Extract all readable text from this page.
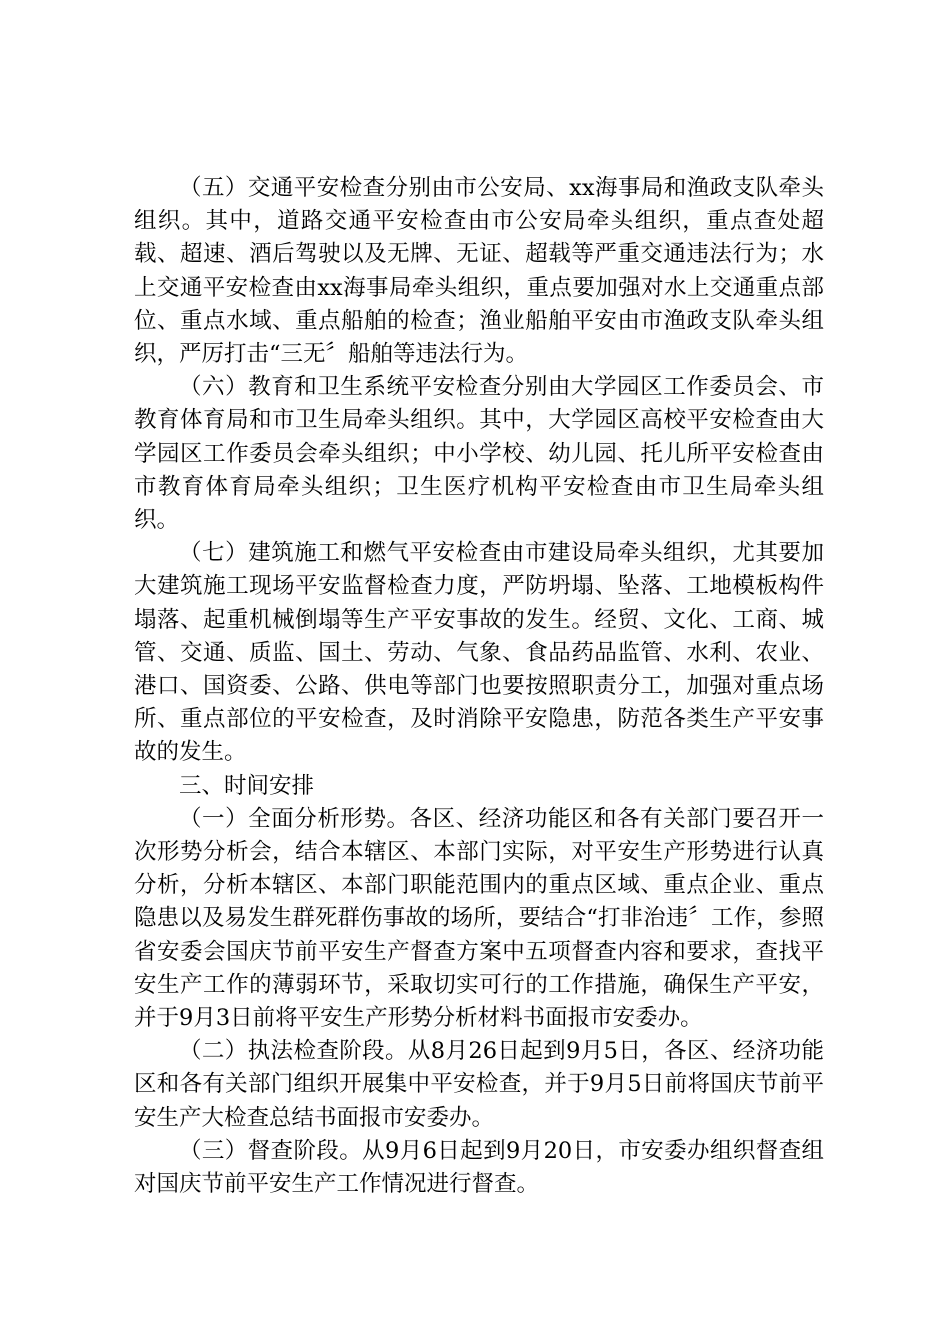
（五）交通平安检查分别由市公安局、xx海事局和渔政支队牵头组织。其中，道路交通平安检查由市公安局牵头组织，重点查处超载、超速、酒后驾驶以及无牌、无证、超载等严重交通违法行为；水上交通平安检查由xx海事局牵头组织，重点要加强对水上交通重点部位、重点水域、重点船舶的检查；渔业船舶平安由市渔政支队牵头组织，严厉打击“三无〞船舶等违法行为。

（六）教育和卫生系统平安检查分别由大学园区工作委员会、市教育体育局和市卫生局牵头组织。其中，大学园区高校平安检查由大学园区工作委员会牵头组织；中小学校、幼儿园、托儿所平安检查由市教育体育局牵头组织；卫生医疗机构平安检查由市卫生局牵头组织。

（七）建筑施工和燃气平安检查由市建设局牵头组织，尤其要加大建筑施工现场平安监督检查力度，严防坍塌、坠落、工地模板构件塌落、起重机械倒塌等生产平安事故的发生。经贸、文化、工商、城管、交通、质监、国土、劳动、气象、食品药品监管、水利、农业、港口、国资委、公路、供电等部门也要按照职责分工，加强对重点场所、重点部位的平安检查，及时消除平安隐患，防范各类生产平安事故的发生。

三、时间安排

（一）全面分析形势。各区、经济功能区和各有关部门要召开一次形势分析会，结合本辖区、本部门实际，对平安生产形势进行认真分析，分析本辖区、本部门职能范围内的重点区域、重点企业、重点隐患以及易发生群死群伤事故的场所，要结合“打非治违〞工作，参照省安委会国庆节前平安生产督查方案中五项督查内容和要求，查找平安生产工作的薄弱环节，采取切实可行的工作措施，确保生产平安，并于9月3日前将平安生产形势分析材料书面报市安委办。

（二）执法检查阶段。从8月26日起到9月5日，各区、经济功能区和各有关部门组织开展集中平安检查，并于9月5日前将国庆节前平安生产大检查总结书面报市安委办。

（三）督查阶段。从9月6日起到9月20日，市安委办组织督查组对国庆节前平安生产工作情况进行督查。
